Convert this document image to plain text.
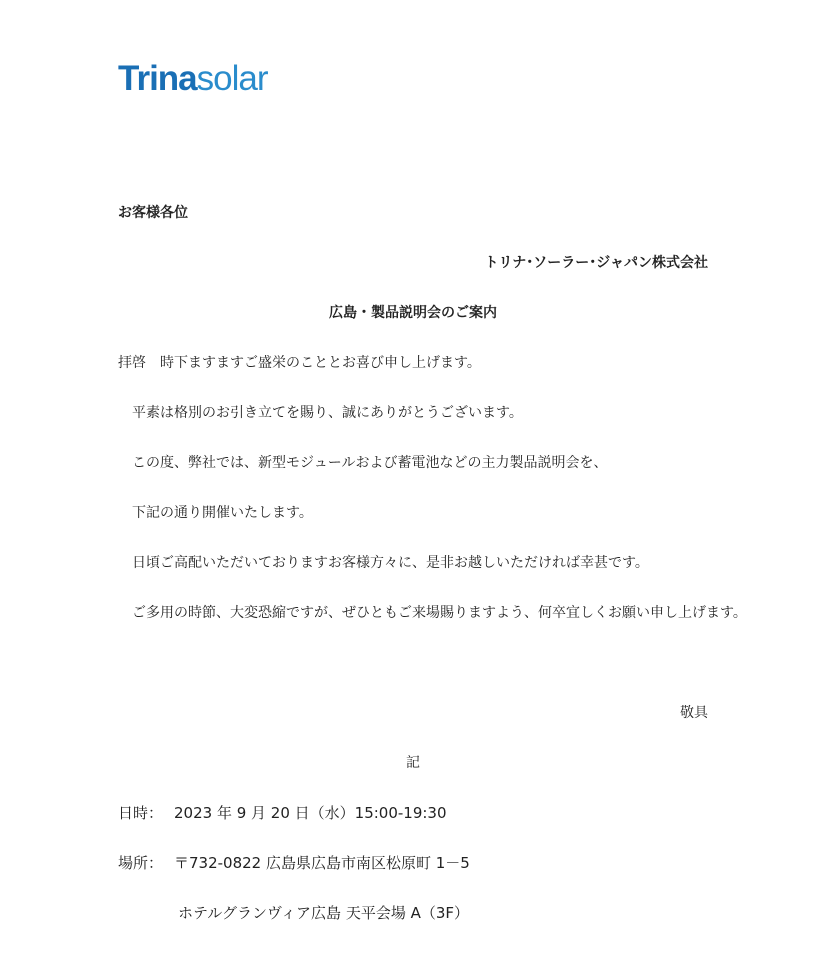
Trinasolar
お客様各位
トリナ･ソーラー･ジャパン株式会社
広島・製品説明会のご案内
拝啓　時下ますますご盛栄のこととお喜び申し上げます。
　平素は格別のお引き立てを賜り、誠にありがとうございます。
　この度、弊社では、新型モジュールおよび蓄電池などの主力製品説明会を、
　下記の通り開催いたします。
　日頃ご高配いただいておりますお客様方々に、是非お越しいただければ幸甚です。
　ご多用の時節、大変恐縮ですが、ぜひともご来場賜りますよう、何卒宜しくお願い申し上げます。
敬具
記
日時： 2023 年 9 月 20 日（水）15:00-19:30
場所： 〒732-0822 広島県広島市南区松原町 1－5
ホテルグランヴィア広島 天平会場 A（3F）
